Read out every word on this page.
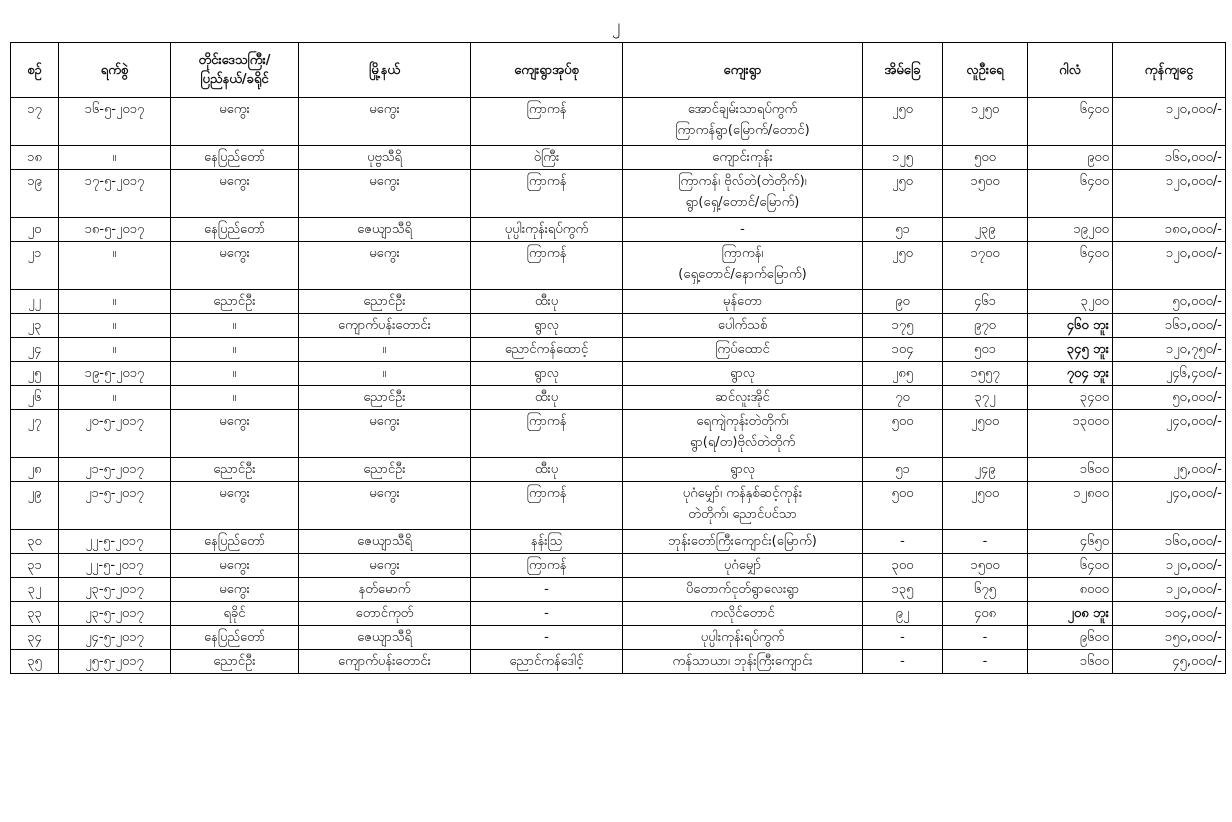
၂
စဉ်	ရက်စွဲ	တိုင်းဒေသကြီး/ ပြည်နယ်/ခရိုင်	မြို့နယ်	ကျေးရွာအုပ်စု	ကျေးရွာ	အိမ်ခြေ	လူဦးရေ	ဂါလံ	ကုန်ကျငွေ
၁၇	၁၆-၅-၂၀၁၇	မကွေး	မကွေး	ကြာကန်	အောင်ချမ်းသာရပ်ကွက်
ကြာကန်ရွာ(မြောက်/တောင်)	၂၅၀	၁၂၅၀	၆၄၀၀	၁၂၀,၀၀၀/-
၁၈	။	နေပြည်တော်	ပုဗ္ဗသီရိ	ဝဲကြီး	ကျောင်းကုန်း	၁၂၅	၅၀၀	၉၀၀	၁၆၀,၀၀၀/-
၁၉	၁၇-၅-၂၀၁၇	မကွေး	မကွေး	ကြာကန်	ကြာကန်၊ ဗိုလ်တဲ(တဲတိုက်)၊
ရွာ(ရှေ့/တောင်/မြောက်)	၂၅၀	၁၅၀၀	၆၄၀၀	၁၂၀,၀၀၀/-
၂၀	၁၈-၅-၂၀၁၇	နေပြည်တော်	ဇေယျာသီရိ	ပုပ္ပါးကုန်းရပ်ကွက်	-	၅၁	၂၃၉	၁၉၂၀၀	၁၈၀,၀၀၀/-
၂၁	။	မကွေး	မကွေး	ကြာကန်	ကြာကန်၊
(ရှေ့တောင်/နောက်မြောက်)	၂၅၀	၁၇၀၀	၆၄၀၀	၁၂၀,၀၀၀/-
၂၂	။	ညောင်ဦး	ညောင်ဦး	ထီးပု	မုန်တော	၉၀	၄၆၁	၃၂၀၀	၅၀,၀၀၀/-
၂၃	။	။	ကျောက်ပန်းတောင်း	ရွာလု	ပေါက်သစ်	၁၇၅	၉၇၀	၄၆၀ ဘူး	၁၆၁,၀၀၀/-
၂၄	။	။	။	ညောင်ကန်ထောင့်	ကြပ်ထောင်	၁၀၄	၅၀၁	၃၄၅ ဘူး	၁၂၀,၇၅၀/-
၂၅	၁၉-၅-၂၀၁၇	။	။	ရွာလု	ရွာလု	၂၈၅	၁၅၅၇	၇၀၄ ဘူး	၂၄၆,၄၀၀/-
၂၆	။	။	ညောင်ဦး	ထီးပု	ဆင်လူးအိုင်	၇၀	၃၇၂	၃၄၀၀	၅၀,၀၀၀/-
၂၇	၂၀-၅-၂၀၁၇	မကွေး	မကွေး	ကြာကန်	ရေကျဲကုန်းတဲတိုက်၊
ရွာ(ရ/တ)ဗိုလ်တဲတိုက်	၅၀၀	၂၅၀၀	၁၃၀၀၀	၂၄၀,၀၀၀/-
၂၈	၂၁-၅-၂၀၁၇	ညောင်ဦး	ညောင်ဦး	ထီးပု	ရွာလု	၅၁	၂၄၉	၁၆၀၀	၂၅,၀၀၀/-
၂၉	၂၁-၅-၂၀၁၇	မကွေး	မကွေး	ကြာကန်	ပုဂံမျှော်၊ ကန်နှစ်ဆင့်ကုန်း
တဲတိုက်၊ ညောင်ပင်သာ	၅၀၀	၂၅၀၀	၁၂၈၀၀	၂၄၀,၀၀၀/-
၃၀	၂၂-၅-၂၀၁၇	နေပြည်တော်	ဇေယျာသီရိ	နန်းသြ	ဘုန်းတော်ကြီးကျောင်း(မြောက်)	-	-	၄၆၅၀	၁၆၀,၀၀၀/-
၃၁	၂၂-၅-၂၀၁၇	မကွေး	မကွေး	ကြာကန်	ပုဂံမျှော်	၃၀၀	၁၅၀၀	၆၄၀၀	၁၂၀,၀၀၀/-
၃၂	၂၃-၅-၂၀၁၇	မကွေး	နတ်မောက်	-	ပိတောက်ငုတ်ရွာလေးရွာ	၁၃၅	၆၇၅	၈၀၀၀	၁၂၀,၀၀၀/-
၃၃	၂၃-၅-၂၀၁၇	ရခိုင်	တောင်ကုတ်	-	ကလိုင်တောင်	၉၂	၄၀၈	၂၀၈ ဘူး	၁၀၄,၀၀၀/-
၃၄	၂၄-၅-၂၀၁၇	နေပြည်တော်	ဇေယျာသီရိ	-	ပုပ္ပါးကုန်းရပ်ကွက်	-	-	၉၆၀၀	၁၅၀,၀၀၀/-
၃၅	၂၅-၅-၂၀၁၇	ညောင်ဦး	ကျောက်ပန်းတောင်း	ညောင်ကန်ဒေါင့်	ကန်သာယာ၊ ဘုန်းကြီးကျောင်း	-	-	၁၆၀၀	၄၅,၀၀၀/-
